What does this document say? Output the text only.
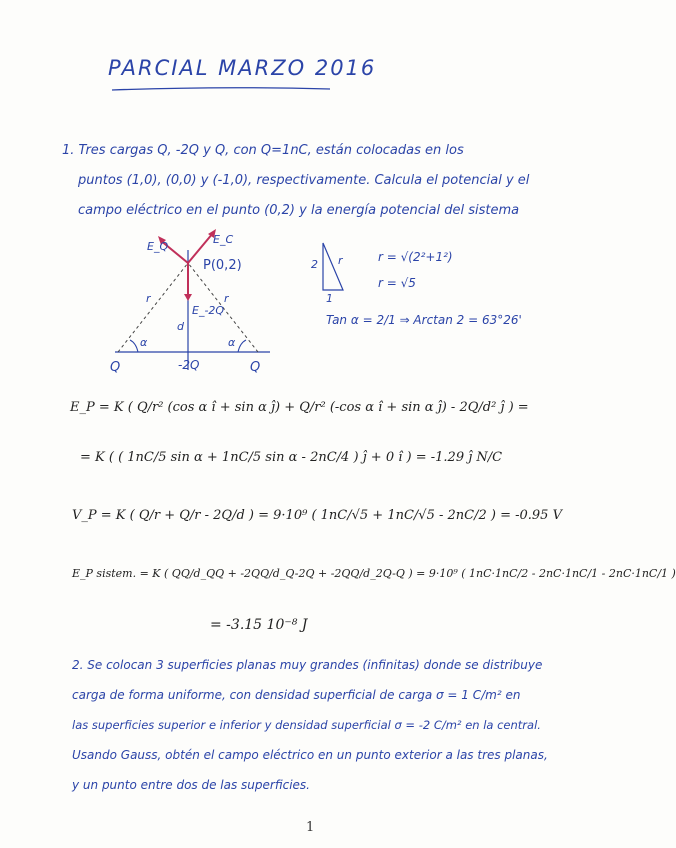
PARCIAL MARZO 2016
1. Tres cargas Q, -2Q y Q, con Q=1nC, están colocadas en los
puntos (1,0), (0,0) y (-1,0), respectivamente. Calcula el potencial y el
campo eléctrico en el punto (0,2) y la energía potencial del sistema
E_Q
E_C
P(0,2)
E_-2Q
r	r
d
α	α
Q	-2Q	Q
2
1
r	r = √(2²+1²)
r = √5
Tan α = 2/1 ⇒ Arctan 2 = 63°26'
E_P = K ( Q/r² (cos α î + sin α ĵ) + Q/r² (-cos α î + sin α ĵ) - 2Q/d² ĵ ) =
= K ( ( 1nC/5 sin α + 1nC/5 sin α - 2nC/4 ) ĵ + 0 î ) = -1.29 ĵ N/C
V_P = K ( Q/r + Q/r - 2Q/d ) = 9·10⁹ ( 1nC/√5 + 1nC/√5 - 2nC/2 ) = -0.95 V
E_P sistem. = K ( QQ/d_QQ + -2QQ/d_Q-2Q + -2QQ/d_2Q-Q ) = 9·10⁹ ( 1nC·1nC/2 - 2nC·1nC/1 - 2nC·1nC/1 )
= -3.15 10⁻⁸ J
2. Se colocan 3 superficies planas muy grandes (infinitas) donde se distribuye
carga de forma uniforme, con densidad superficial de carga σ = 1 C/m² en
las superficies superior e inferior y densidad superficial σ = -2 C/m² en la central.
Usando Gauss, obtén el campo eléctrico en un punto exterior a las tres planas,
y un punto entre dos de las superficies.
1
